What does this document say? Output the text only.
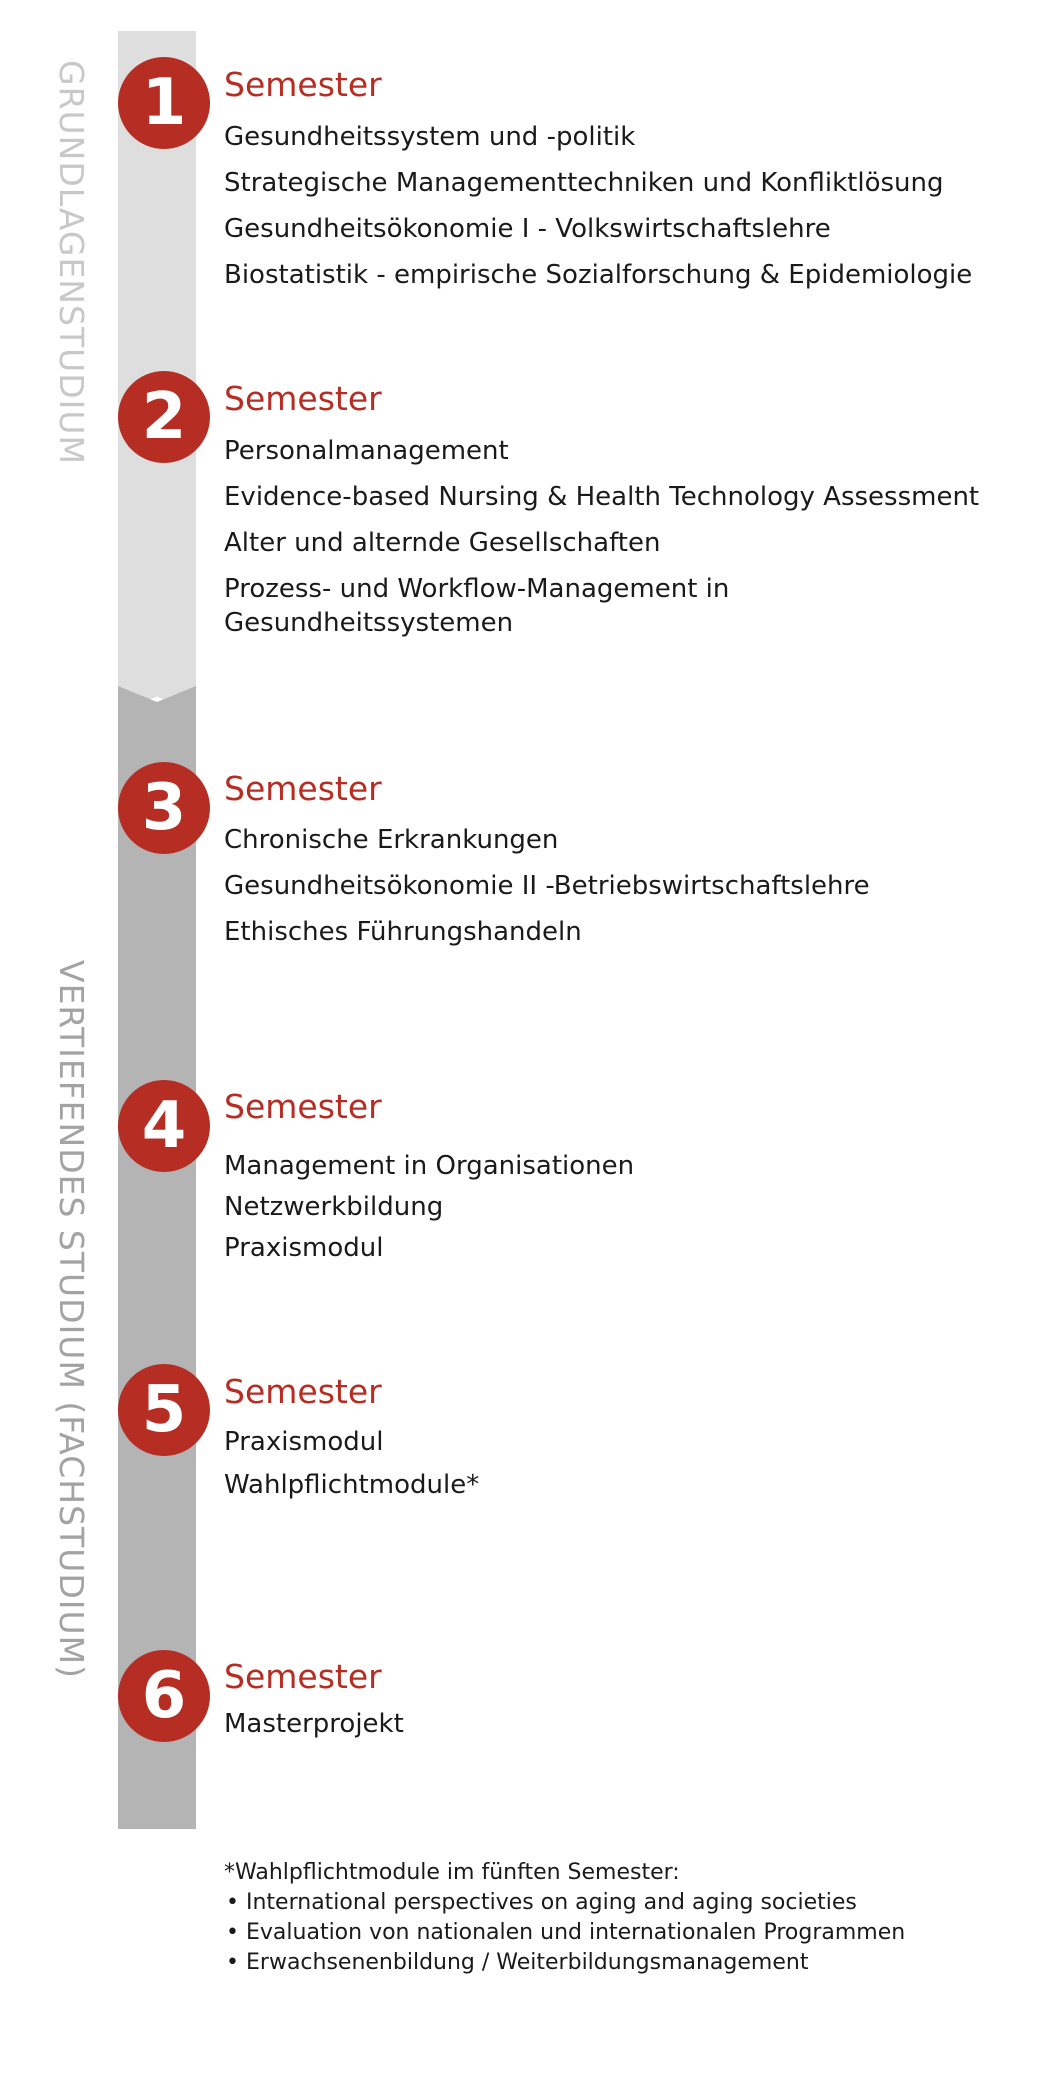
GRUNDLAGENSTUDIUM
VERTIEFENDES STUDIUM (FACHSTUDIUM)
1	Semester
Gesundheitssystem und -politik
Strategische Managementtechniken und Konfliktlösung
Gesundheitsökonomie I - Volkswirtschaftslehre
Biostatistik - empirische Sozialforschung & Epidemiologie
2	Semester
Personalmanagement
Evidence-based Nursing & Health Technology Assessment
Alter und alternde Gesellschaften
Prozess- und Workflow-Management in
Gesundheitssystemen
3	Semester
Chronische Erkrankungen
Gesundheitsökonomie II -Betriebswirtschaftslehre
Ethisches Führungshandeln
4	Semester
Management in Organisationen
Netzwerkbildung
Praxismodul
5	Semester
Praxismodul
Wahlpflichtmodule*
6	Semester
Masterprojekt
*Wahlpflichtmodule im fünften Semester:
• International perspectives on aging and aging societies
• Evaluation von nationalen und internationalen Programmen
• Erwachsenenbildung / Weiterbildungsmanagement
